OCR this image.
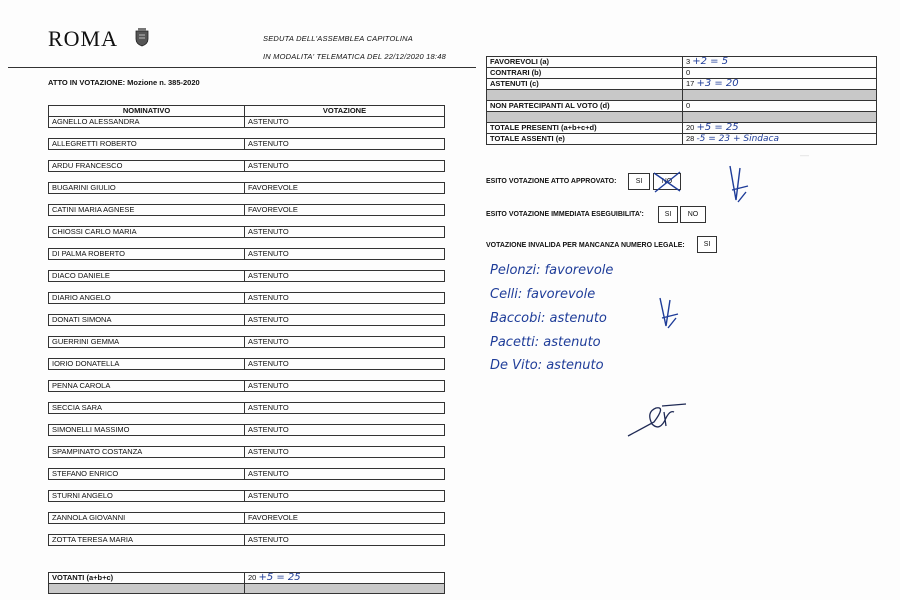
—
ROMA	SEDUTA DELL'ASSEMBLEA CAPITOLINA
IN MODALITA' TELEMATICA DEL 22/12/2020 18:48
ATTO IN VOTAZIONE: Mozione n. 385-2020
NOMINATIVO	VOTAZIONE
AGNELLO ALESSANDRA	ASTENUTO

ALLEGRETTI ROBERTO	ASTENUTO

ARDU FRANCESCO	ASTENUTO

BUGARINI GIULIO	FAVOREVOLE

CATINI MARIA AGNESE	FAVOREVOLE

CHIOSSI CARLO MARIA	ASTENUTO

DI PALMA ROBERTO	ASTENUTO

DIACO DANIELE	ASTENUTO

DIARIO ANGELO	ASTENUTO

DONATI SIMONA	ASTENUTO

GUERRINI GEMMA	ASTENUTO

IORIO DONATELLA	ASTENUTO

PENNA CAROLA	ASTENUTO

SECCIA SARA	ASTENUTO

SIMONELLI MASSIMO	ASTENUTO

SPAMPINATO COSTANZA	ASTENUTO

STEFANO ENRICO	ASTENUTO

STURNI ANGELO	ASTENUTO

ZANNOLA GIOVANNI	FAVOREVOLE

ZOTTA TERESA MARIA	ASTENUTO
VOTANTI (a+b+c)	20 +5 = 25

FAVOREVOLI (a)	3 +2 = 5
CONTRARI (b)	0
ASTENUTI (c)	17 +3 = 20

NON PARTECIPANTI AL VOTO (d)	0

TOTALE PRESENTI (a+b+c+d)	20 +5 = 25
TOTALE ASSENTI (e)	28 -5 = 23 + Sindaca
ESITO VOTAZIONE ATTO APPROVATO:	SI	NO
ESITO VOTAZIONE IMMEDIATA ESEGUIBILITA':	SI	NO
VOTAZIONE INVALIDA PER MANCANZA NUMERO LEGALE:	SI
Pelonzi: favorevole
Celli: favorevole
Baccobi: astenuto
Pacetti: astenuto
De Vito: astenuto
